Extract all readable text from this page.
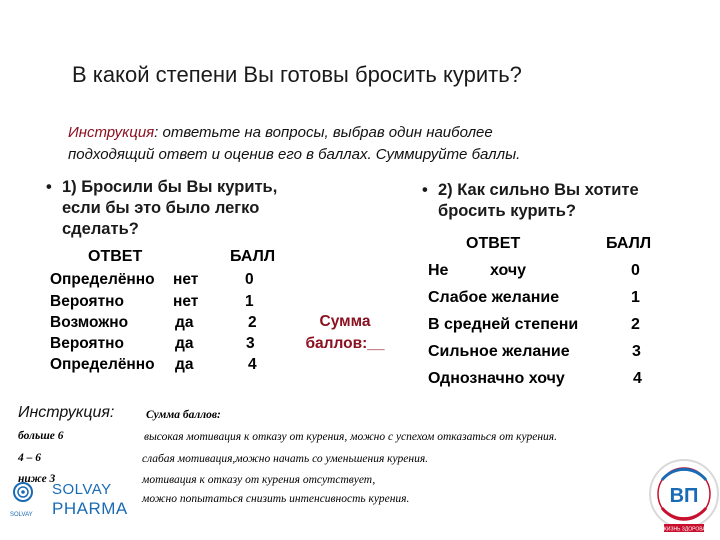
В какой степени Вы готовы бросить курить?
Инструкция: ответьте на вопросы, выбрав один наиболее
подходящий ответ и оценив его в баллах. Суммируйте баллы.
• 1) Бросили бы Вы курить,
если бы это было легко
сделать?
ОТВЕТ	БАЛЛ
Определённо нет	0
Вероятно	нет	1
Возможно	да	2
Вероятно	да	3
Определённо да	4
Сумма
баллов:__
• 2) Как сильно Вы хотите
бросить курить?
ОТВЕТ	БАЛЛ
Не	хочу	0
Слабое желание	1
В средней степени	2
Сильное желание	3
Однозначно хочу	4
Инструкция:	Сумма баллов:
больше 6	высокая мотивация к отказу от курения, можно с успехом отказаться от курения.
4 – 6	слабая мотивация,можно начать со уменьшения курения.
ниже 3	мотивация к отказу от курения отсутствует,
можно попытаться снизить интенсивность курения.
SOLVAY
PHARMA
SOLVAY
ВП
ЖИЗНЬ ЗДОРОВА
